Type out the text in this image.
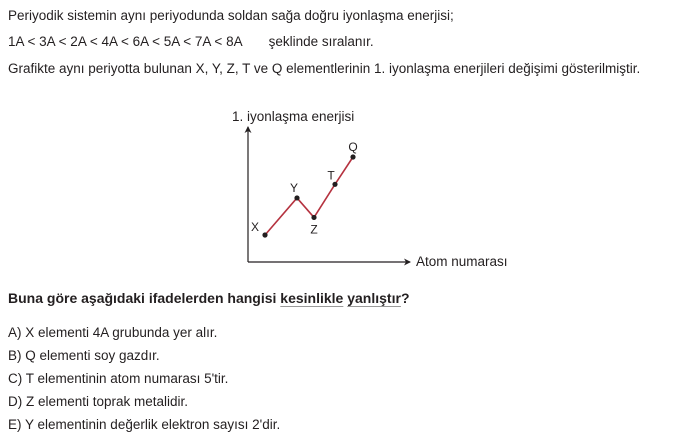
Periyodik sistemin aynı periyodunda soldan sağa doğru iyonlaşma enerjisi;
1A < 3A < 2A < 4A < 6A < 5A < 7A < 8A şeklinde sıralanır.
Grafikte aynı periyotta bulunan X, Y, Z, T ve Q elementlerinin 1. iyonlaşma enerjileri değişimi gösterilmiştir.
1. iyonlaşma enerjisi
Atom numarası
X
Y
Z
T
Q
Buna göre aşağıdaki ifadelerden hangisi kesinlikle yanlıştır?
A) X elementi 4A grubunda yer alır.
B) Q elementi soy gazdır.
C) T elementinin atom numarası 5'tir.
D) Z elementi toprak metalidir.
E) Y elementinin değerlik elektron sayısı 2'dir.
